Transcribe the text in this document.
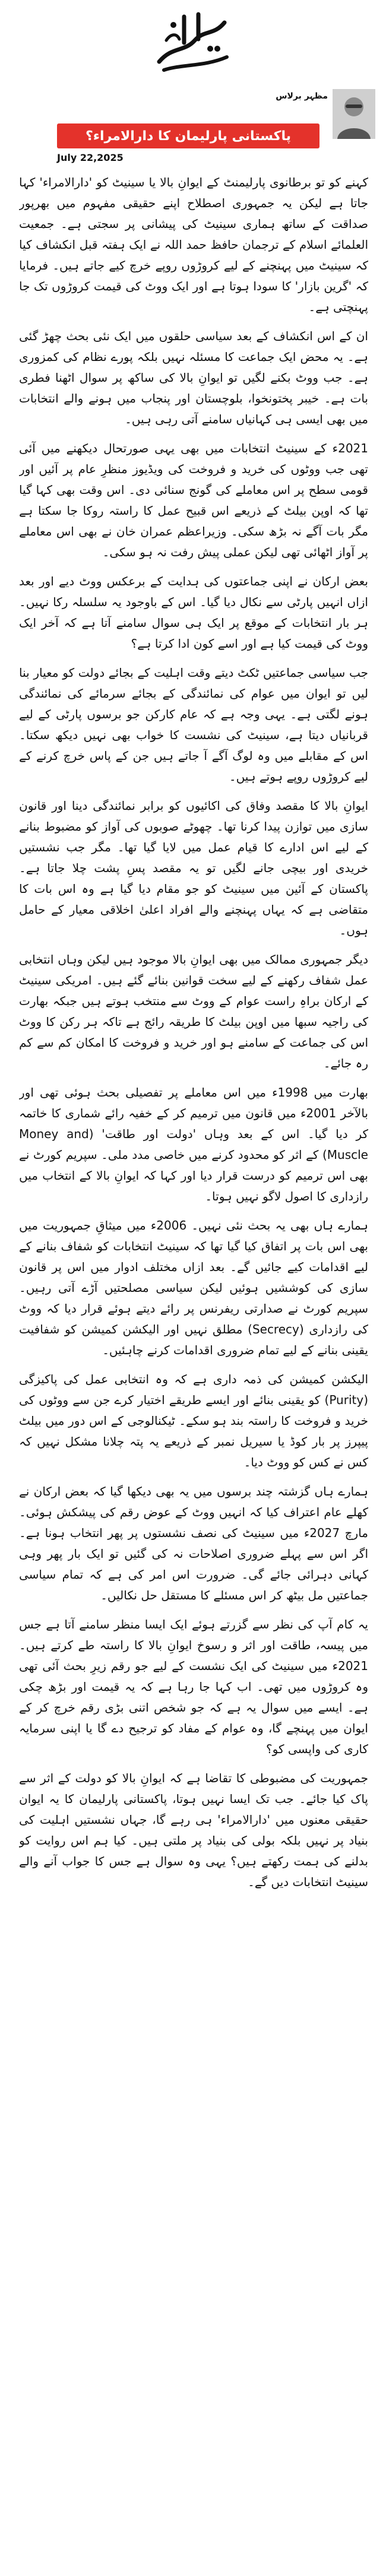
مظہر برلاس
پاکستانی پارلیمان کا دارالامراء؟
July 22,2025

کہنے کو تو برطانوی پارلیمنٹ کے ایوانِ بالا یا سینیٹ کو 'دارالامراء' کہا جاتا ہے لیکن یہ جمہوری اصطلاح اپنے حقیقی مفہوم میں بھرپور صداقت کے ساتھ ہماری سینیٹ کی پیشانی پر سجتی ہے۔ جمعیت العلمائے اسلام کے ترجمان حافظ حمد اللہ نے ایک ہفتہ قبل انکشاف کیا کہ سینیٹ میں پہنچنے کے لیے کروڑوں روپے خرچ کیے جاتے ہیں۔ فرمایا کہ 'گرین بازار' کا سودا ہوتا ہے اور ایک ووٹ کی قیمت کروڑوں تک جا پہنچتی ہے۔

ان کے اس انکشاف کے بعد سیاسی حلقوں میں ایک نئی بحث چھڑ گئی ہے۔ یہ محض ایک جماعت کا مسئلہ نہیں بلکہ پورے نظام کی کمزوری ہے۔ جب ووٹ بکنے لگیں تو ایوانِ بالا کی ساکھ پر سوال اٹھنا فطری بات ہے۔ خیبر پختونخوا، بلوچستان اور پنجاب میں ہونے والے انتخابات میں بھی ایسی ہی کہانیاں سامنے آتی رہی ہیں۔

2021ء کے سینیٹ انتخابات میں بھی یہی صورتحال دیکھنے میں آئی تھی جب ووٹوں کی خرید و فروخت کی ویڈیوز منظرِ عام پر آئیں اور قومی سطح پر اس معاملے کی گونج سنائی دی۔ اس وقت بھی کہا گیا تھا کہ اوپن بیلٹ کے ذریعے اس قبیح عمل کا راستہ روکا جا سکتا ہے مگر بات آگے نہ بڑھ سکی۔ وزیراعظم عمران خان نے بھی اس معاملے پر آواز اٹھائی تھی لیکن عملی پیش رفت نہ ہو سکی۔

بعض ارکان نے اپنی جماعتوں کی ہدایت کے برعکس ووٹ دیے اور بعد ازاں انہیں پارٹی سے نکال دیا گیا۔ اس کے باوجود یہ سلسلہ رکا نہیں۔ ہر بار انتخابات کے موقع پر ایک ہی سوال سامنے آتا ہے کہ آخر ایک ووٹ کی قیمت کیا ہے اور اسے کون ادا کرتا ہے؟

جب سیاسی جماعتیں ٹکٹ دیتے وقت اہلیت کے بجائے دولت کو معیار بنا لیں تو ایوان میں عوام کی نمائندگی کے بجائے سرمائے کی نمائندگی ہونے لگتی ہے۔ یہی وجہ ہے کہ عام کارکن جو برسوں پارٹی کے لیے قربانیاں دیتا ہے، سینیٹ کی نشست کا خواب بھی نہیں دیکھ سکتا۔ اس کے مقابلے میں وہ لوگ آگے آ جاتے ہیں جن کے پاس خرچ کرنے کے لیے کروڑوں روپے ہوتے ہیں۔

ایوانِ بالا کا مقصد وفاق کی اکائیوں کو برابر نمائندگی دینا اور قانون سازی میں توازن پیدا کرنا تھا۔ چھوٹے صوبوں کی آواز کو مضبوط بنانے کے لیے اس ادارے کا قیام عمل میں لایا گیا تھا۔ مگر جب نشستیں خریدی اور بیچی جانے لگیں تو یہ مقصد پسِ پشت چلا جاتا ہے۔ پاکستان کے آئین میں سینیٹ کو جو مقام دیا گیا ہے وہ اس بات کا متقاضی ہے کہ یہاں پہنچنے والے افراد اعلیٰ اخلاقی معیار کے حامل ہوں۔

دیگر جمہوری ممالک میں بھی ایوانِ بالا موجود ہیں لیکن وہاں انتخابی عمل شفاف رکھنے کے لیے سخت قوانین بنائے گئے ہیں۔ امریکی سینیٹ کے ارکان براہِ راست عوام کے ووٹ سے منتخب ہوتے ہیں جبکہ بھارت کی راجیہ سبھا میں اوپن بیلٹ کا طریقہ رائج ہے تاکہ ہر رکن کا ووٹ اس کی جماعت کے سامنے ہو اور خرید و فروخت کا امکان کم سے کم رہ جائے۔

بھارت میں 1998ء میں اس معاملے پر تفصیلی بحث ہوئی تھی اور بالآخر 2001ء میں قانون میں ترمیم کر کے خفیہ رائے شماری کا خاتمہ کر دیا گیا۔ اس کے بعد وہاں 'دولت اور طاقت' (Money and Muscle) کے اثر کو محدود کرنے میں خاصی مدد ملی۔ سپریم کورٹ نے بھی اس ترمیم کو درست قرار دیا اور کہا کہ ایوانِ بالا کے انتخاب میں رازداری کا اصول لاگو نہیں ہوتا۔

ہمارے ہاں بھی یہ بحث نئی نہیں۔ 2006ء میں میثاقِ جمہوریت میں بھی اس بات پر اتفاق کیا گیا تھا کہ سینیٹ انتخابات کو شفاف بنانے کے لیے اقدامات کیے جائیں گے۔ بعد ازاں مختلف ادوار میں اس پر قانون سازی کی کوششیں ہوئیں لیکن سیاسی مصلحتیں آڑے آتی رہیں۔ سپریم کورٹ نے صدارتی ریفرنس پر رائے دیتے ہوئے قرار دیا کہ ووٹ کی رازداری (Secrecy) مطلق نہیں اور الیکشن کمیشن کو شفافیت یقینی بنانے کے لیے تمام ضروری اقدامات کرنے چاہئیں۔

الیکشن کمیشن کی ذمہ داری ہے کہ وہ انتخابی عمل کی پاکیزگی (Purity) کو یقینی بنائے اور ایسے طریقے اختیار کرے جن سے ووٹوں کی خرید و فروخت کا راستہ بند ہو سکے۔ ٹیکنالوجی کے اس دور میں بیلٹ پیپرز پر بار کوڈ یا سیریل نمبر کے ذریعے یہ پتہ چلانا مشکل نہیں کہ کس نے کس کو ووٹ دیا۔

ہمارے ہاں گزشتہ چند برسوں میں یہ بھی دیکھا گیا کہ بعض ارکان نے کھلے عام اعتراف کیا کہ انہیں ووٹ کے عوض رقم کی پیشکش ہوئی۔ مارچ 2027ء میں سینیٹ کی نصف نشستوں پر پھر انتخاب ہونا ہے۔ اگر اس سے پہلے ضروری اصلاحات نہ کی گئیں تو ایک بار پھر وہی کہانی دہرائی جائے گی۔ ضرورت اس امر کی ہے کہ تمام سیاسی جماعتیں مل بیٹھ کر اس مسئلے کا مستقل حل نکالیں۔

یہ کام آپ کی نظر سے گزرتے ہوئے ایک ایسا منظر سامنے آتا ہے جس میں پیسہ، طاقت اور اثر و رسوخ ایوانِ بالا کا راستہ طے کرتے ہیں۔ 2021ء میں سینیٹ کی ایک نشست کے لیے جو رقم زیرِ بحث آئی تھی وہ کروڑوں میں تھی۔ اب کہا جا رہا ہے کہ یہ قیمت اور بڑھ چکی ہے۔ ایسے میں سوال یہ ہے کہ جو شخص اتنی بڑی رقم خرچ کر کے ایوان میں پہنچے گا، وہ عوام کے مفاد کو ترجیح دے گا یا اپنی سرمایہ کاری کی واپسی کو؟

جمہوریت کی مضبوطی کا تقاضا ہے کہ ایوانِ بالا کو دولت کے اثر سے پاک کیا جائے۔ جب تک ایسا نہیں ہوتا، پاکستانی پارلیمان کا یہ ایوان حقیقی معنوں میں 'دارالامراء' ہی رہے گا، جہاں نشستیں اہلیت کی بنیاد پر نہیں بلکہ بولی کی بنیاد پر ملتی ہیں۔ کیا ہم اس روایت کو بدلنے کی ہمت رکھتے ہیں؟ یہی وہ سوال ہے جس کا جواب آنے والے سینیٹ انتخابات دیں گے۔
